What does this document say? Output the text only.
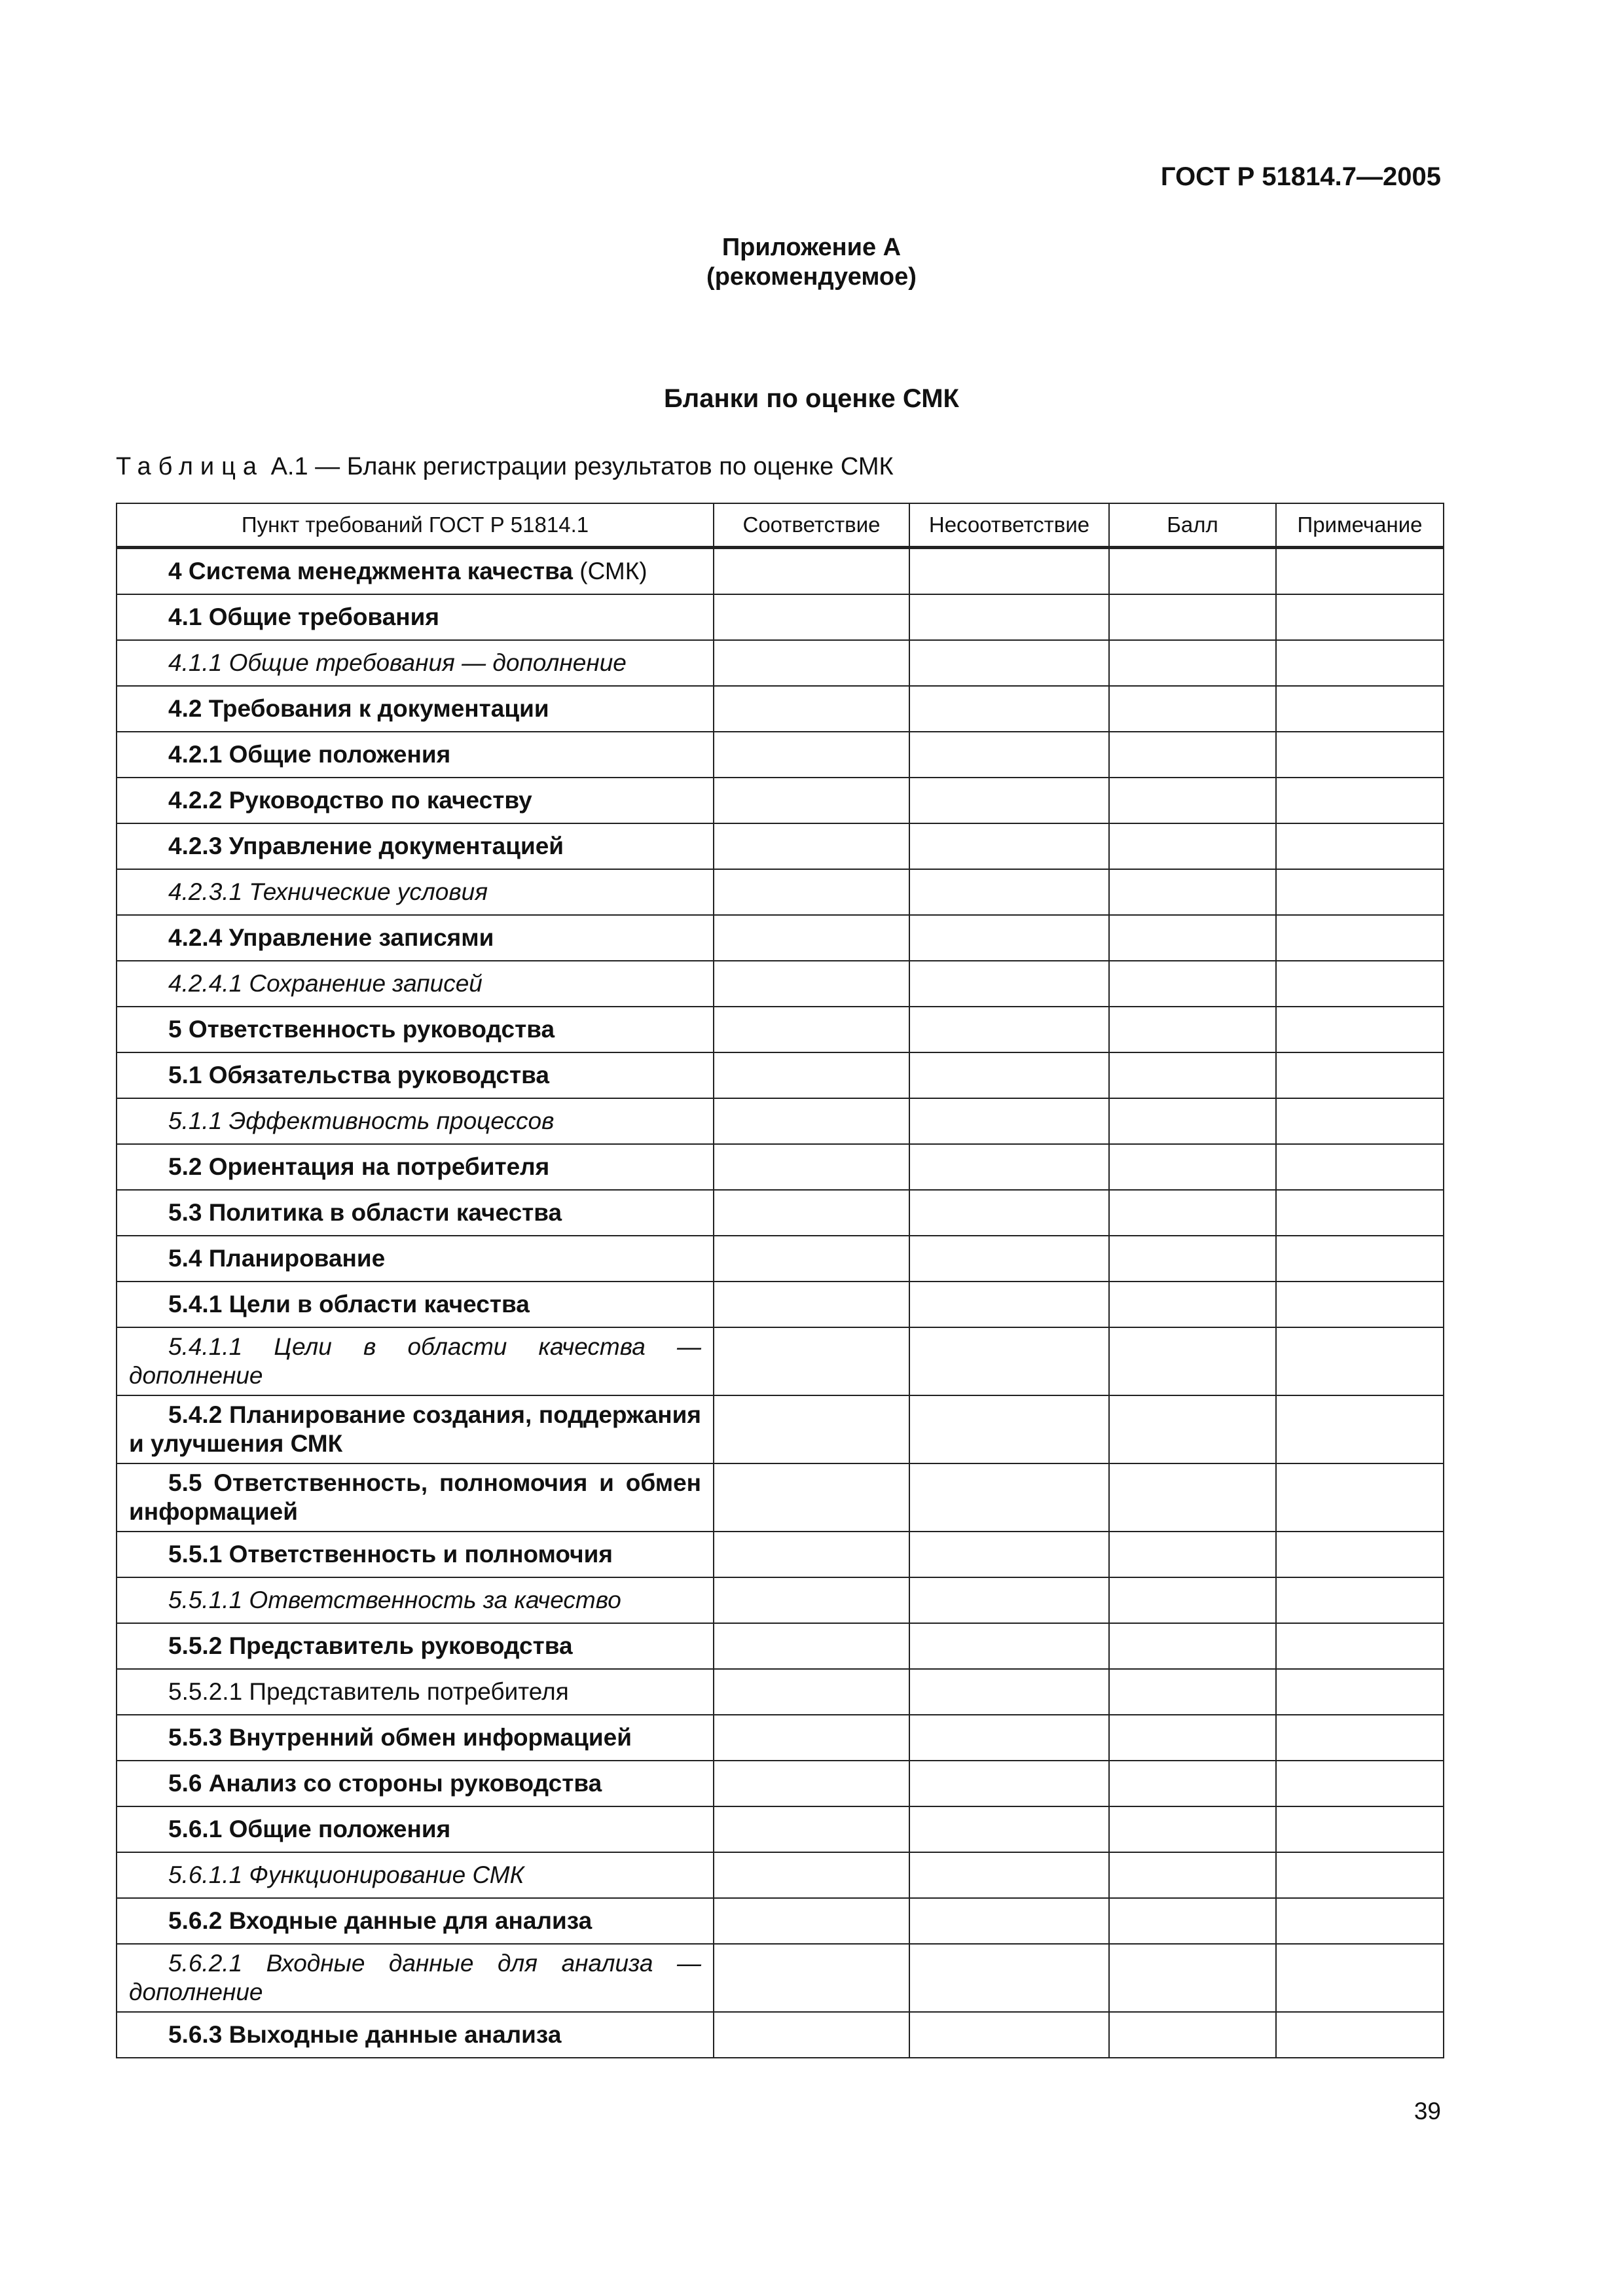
ГОСТ Р 51814.7—2005
Приложение А
(рекомендуемое)
Бланки по оценке СМК
Таблица А.1 — Бланк регистрации результатов по оценке СМК
Пункт требований ГОСТ Р 51814.1	Соответствие	Несоответствие	Балл	Примечание

4 Система менеджмента качества (СМК)				

4.1 Общие требования				

4.1.1 Общие требования — дополнение				

4.2 Требования к документации				

4.2.1 Общие положения				

4.2.2 Руководство по качеству				

4.2.3 Управление документацией				

4.2.3.1 Технические условия				

4.2.4 Управление записями				

4.2.4.1 Сохранение записей				

5 Ответственность руководства				

5.1 Обязательства руководства				

5.1.1 Эффективность процессов				

5.2 Ориентация на потребителя				

5.3 Политика в области качества				

5.4 Планирование				

5.4.1 Цели в области качества				

5.4.1.1 Цели в области качества — дополнение				

5.4.2 Планирование создания, поддержания и улучшения СМК				

5.5 Ответственность, полномочия и обмен информацией				

5.5.1 Ответственность и полномочия				

5.5.1.1 Ответственность за качество				

5.5.2 Представитель руководства				

5.5.2.1 Представитель потребителя				

5.5.3 Внутренний обмен информацией				

5.6 Анализ со стороны руководства				

5.6.1 Общие положения				

5.6.1.1 Функционирование СМК				

5.6.2 Входные данные для анализа				

5.6.2.1 Входные данные для анализа — дополнение				

5.6.3 Выходные данные анализа				

39
